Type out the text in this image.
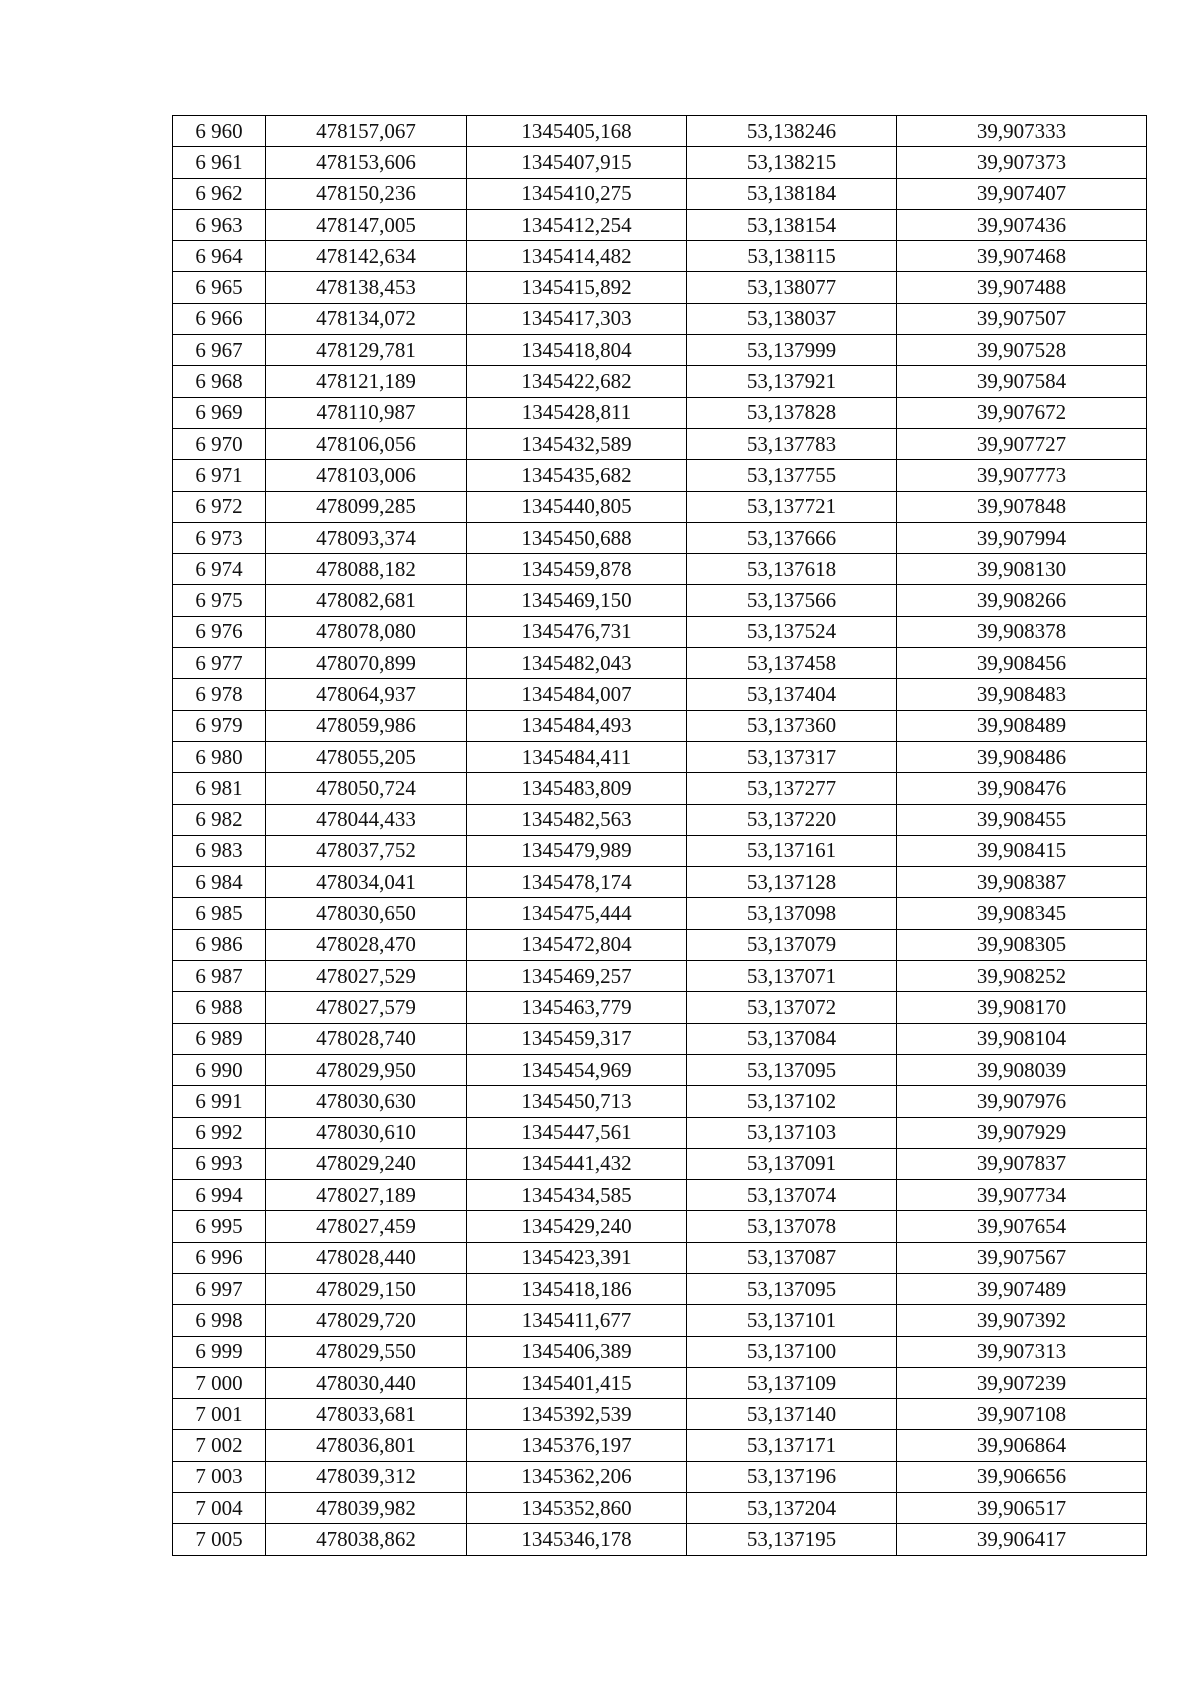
6 960	478157,067	1345405,168	53,138246	39,907333
6 961	478153,606	1345407,915	53,138215	39,907373
6 962	478150,236	1345410,275	53,138184	39,907407
6 963	478147,005	1345412,254	53,138154	39,907436
6 964	478142,634	1345414,482	53,138115	39,907468
6 965	478138,453	1345415,892	53,138077	39,907488
6 966	478134,072	1345417,303	53,138037	39,907507
6 967	478129,781	1345418,804	53,137999	39,907528
6 968	478121,189	1345422,682	53,137921	39,907584
6 969	478110,987	1345428,811	53,137828	39,907672
6 970	478106,056	1345432,589	53,137783	39,907727
6 971	478103,006	1345435,682	53,137755	39,907773
6 972	478099,285	1345440,805	53,137721	39,907848
6 973	478093,374	1345450,688	53,137666	39,907994
6 974	478088,182	1345459,878	53,137618	39,908130
6 975	478082,681	1345469,150	53,137566	39,908266
6 976	478078,080	1345476,731	53,137524	39,908378
6 977	478070,899	1345482,043	53,137458	39,908456
6 978	478064,937	1345484,007	53,137404	39,908483
6 979	478059,986	1345484,493	53,137360	39,908489
6 980	478055,205	1345484,411	53,137317	39,908486
6 981	478050,724	1345483,809	53,137277	39,908476
6 982	478044,433	1345482,563	53,137220	39,908455
6 983	478037,752	1345479,989	53,137161	39,908415
6 984	478034,041	1345478,174	53,137128	39,908387
6 985	478030,650	1345475,444	53,137098	39,908345
6 986	478028,470	1345472,804	53,137079	39,908305
6 987	478027,529	1345469,257	53,137071	39,908252
6 988	478027,579	1345463,779	53,137072	39,908170
6 989	478028,740	1345459,317	53,137084	39,908104
6 990	478029,950	1345454,969	53,137095	39,908039
6 991	478030,630	1345450,713	53,137102	39,907976
6 992	478030,610	1345447,561	53,137103	39,907929
6 993	478029,240	1345441,432	53,137091	39,907837
6 994	478027,189	1345434,585	53,137074	39,907734
6 995	478027,459	1345429,240	53,137078	39,907654
6 996	478028,440	1345423,391	53,137087	39,907567
6 997	478029,150	1345418,186	53,137095	39,907489
6 998	478029,720	1345411,677	53,137101	39,907392
6 999	478029,550	1345406,389	53,137100	39,907313
7 000	478030,440	1345401,415	53,137109	39,907239
7 001	478033,681	1345392,539	53,137140	39,907108
7 002	478036,801	1345376,197	53,137171	39,906864
7 003	478039,312	1345362,206	53,137196	39,906656
7 004	478039,982	1345352,860	53,137204	39,906517
7 005	478038,862	1345346,178	53,137195	39,906417
